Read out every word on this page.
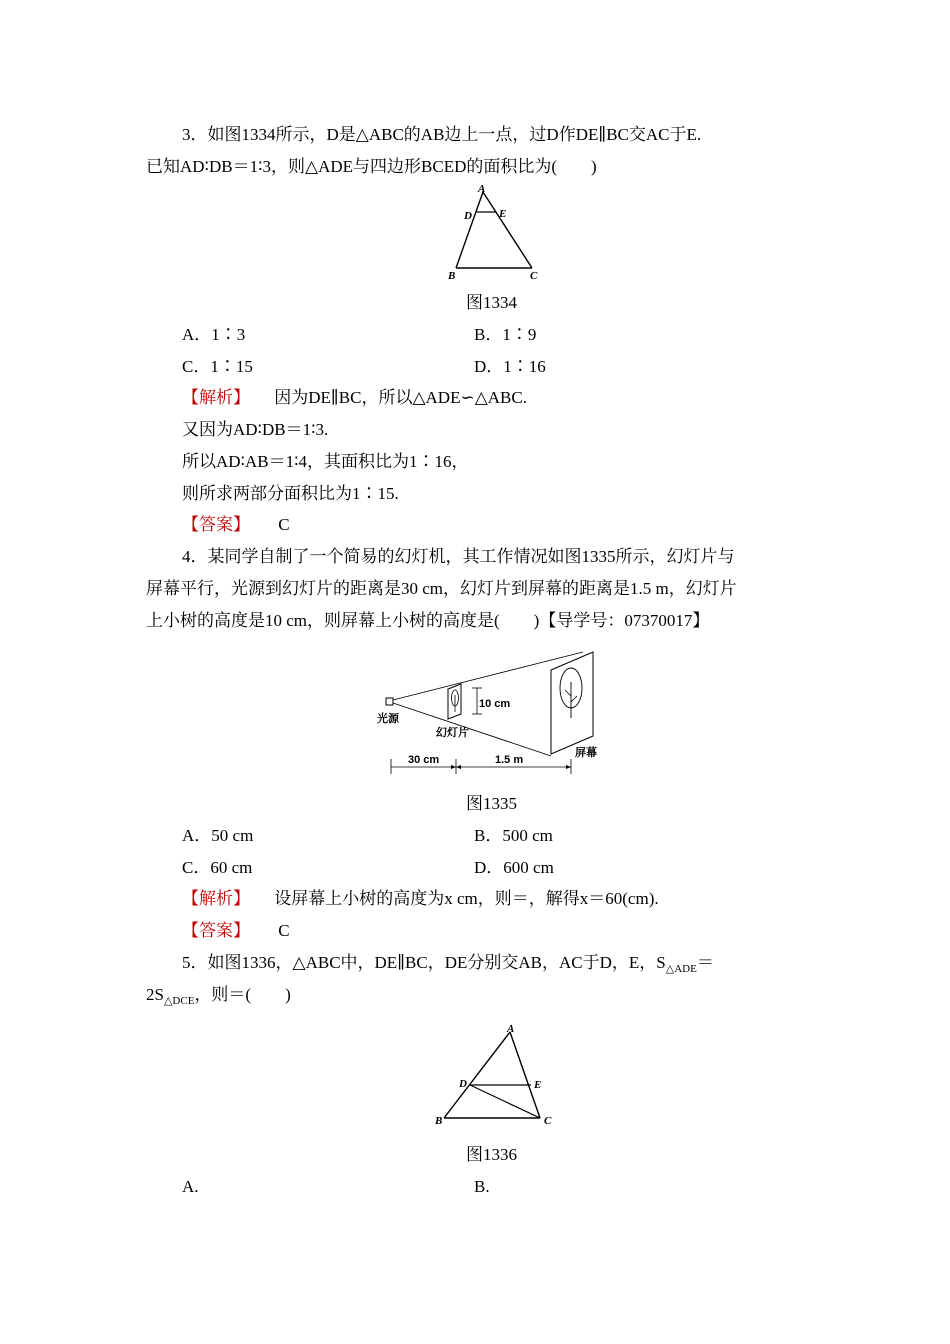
3．如图1334所示，D是△ABC的AB边上一点，过D作DE∥BC交AC于E.
已知AD∶DB＝1∶3，则△ADE与四边形BCED的面积比为(　　)
A
D E
B	C
图1334
A．1∶3	B．1∶9
C．1∶15	D．1∶16
【解析】 因为DE∥BC，所以△ADE∽△ABC.
又因为AD∶DB＝1∶3.
所以AD∶AB＝1∶4，其面积比为1∶16，
则所求两部分面积比为1∶15.
【答案】 C
4．某同学自制了一个简易的幻灯机，其工作情况如图1335所示，幻灯片与
屏幕平行，光源到幻灯片的距离是30 cm，幻灯片到屏幕的距离是1.5 m，幻灯片
上小树的高度是10 cm，则屏幕上小树的高度是(　　)【导学号：07370017】
10 cm
光源
幻灯片
屏幕
30 cm	1.5 m
图1335
A．50 cm	B．500 cm
C．60 cm	D．600 cm
【解析】 设屏幕上小树的高度为x cm，则＝，解得x＝60(cm).
【答案】 C
5．如图1336，△ABC中，DE∥BC，DE分别交AB，AC于D，E，$S_{\triangle ADE}=$
$2S_{\triangle DCE}$，则＝(　　)
A
D	E
B	C
图1336
A.	B.
